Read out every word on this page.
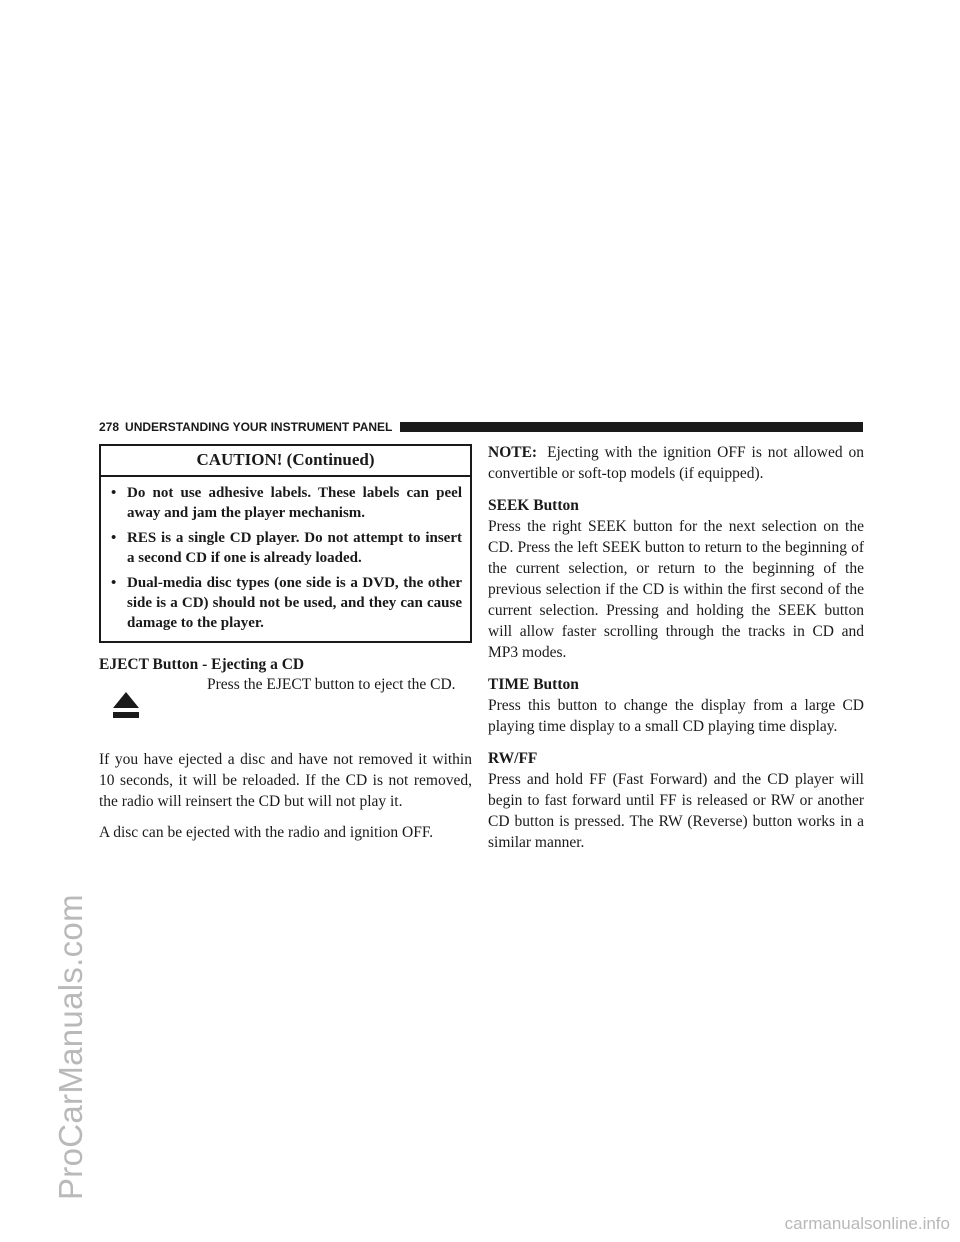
ProCarManuals.com
carmanualsonline.info
278 UNDERSTANDING YOUR INSTRUMENT PANEL
CAUTION! (Continued)
• Do not use adhesive labels. These labels can peel away and jam the player mechanism.
• RES is a single CD player. Do not attempt to insert a second CD if one is already loaded.
• Dual-media disc types (one side is a DVD, the other side is a CD) should not be used, and they can cause damage to the player.
EJECT Button - Ejecting a CD
Press the EJECT button to eject the CD.

If you have ejected a disc and have not removed it within 10 seconds, it will be reloaded. If the CD is not removed, the radio will reinsert the CD but will not play it.

A disc can be ejected with the radio and ignition OFF.

NOTE: Ejecting with the ignition OFF is not allowed on convertible or soft-top models (if equipped).

SEEK Button

Press the right SEEK button for the next selection on the CD. Press the left SEEK button to return to the beginning of the current selection, or return to the beginning of the previous selection if the CD is within the first second of the current selection. Pressing and holding the SEEK button will allow faster scrolling through the tracks in CD and MP3 modes.

TIME Button

Press this button to change the display from a large CD playing time display to a small CD playing time display.

RW/FF

Press and hold FF (Fast Forward) and the CD player will begin to fast forward until FF is released or RW or another CD button is pressed. The RW (Reverse) button works in a similar manner.
